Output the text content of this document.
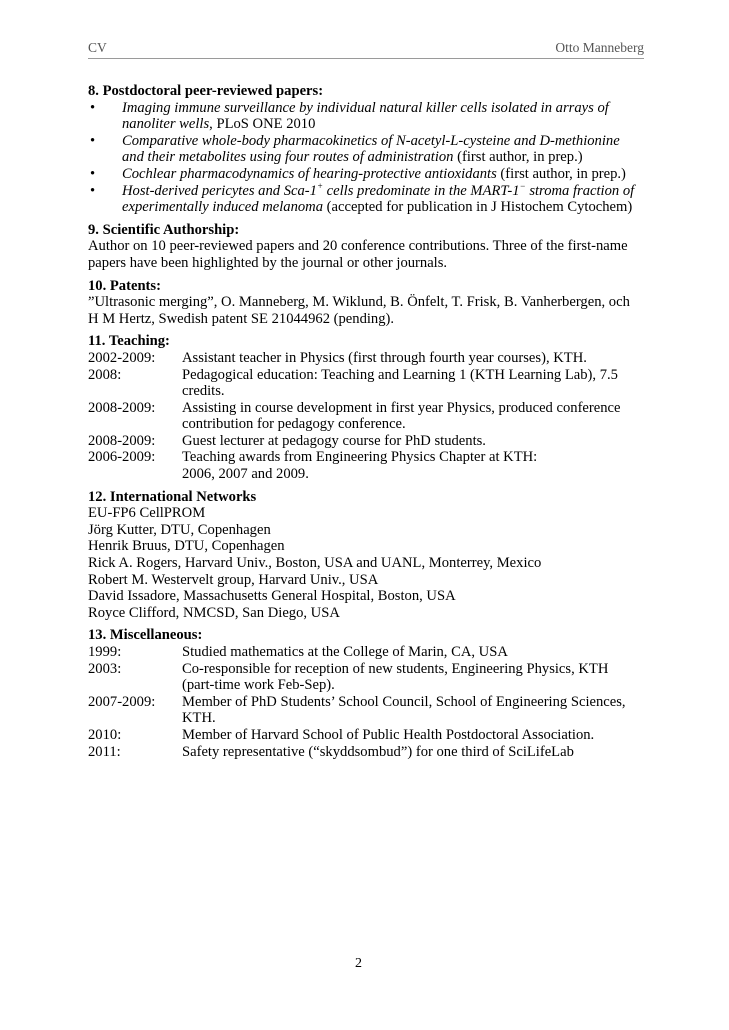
CV	Otto Manneberg
8. Postdoctoral peer-reviewed papers:
• Imaging immune surveillance by individual natural killer cells isolated in arrays of nanoliter wells, PLoS ONE 2010
• Comparative whole-body pharmacokinetics of N-acetyl-L-cysteine and D-methionine and their metabolites using four routes of administration (first author, in prep.)
• Cochlear pharmacodynamics of hearing-protective antioxidants (first author, in prep.)
• Host-derived pericytes and Sca-1+ cells predominate in the MART-1− stroma fraction of experimentally induced melanoma (accepted for publication in J Histochem Cytochem)
9. Scientific Authorship:
Author on 10 peer-reviewed papers and 20 conference contributions. Three of the first-name papers have been highlighted by the journal or other journals.
10. Patents:
”Ultrasonic merging”, O. Manneberg, M. Wiklund, B. Önfelt, T. Frisk, B. Vanherbergen, och H M Hertz, Swedish patent SE 21044962 (pending).
11. Teaching:
2002-2009:	Assistant teacher in Physics (first through fourth year courses), KTH.
2008:	Pedagogical education: Teaching and Learning 1 (KTH Learning Lab), 7.5 credits.
2008-2009:	Assisting in course development in first year Physics, produced conference contribution for pedagogy conference.
2008-2009:	Guest lecturer at pedagogy course for PhD students.
2006-2009:	Teaching awards from Engineering Physics Chapter at KTH:
2006, 2007 and 2009.
12. International Networks
EU-FP6 CellPROM
Jörg Kutter, DTU, Copenhagen
Henrik Bruus, DTU, Copenhagen
Rick A. Rogers, Harvard Univ., Boston, USA and UANL, Monterrey, Mexico
Robert M. Westervelt group, Harvard Univ., USA
David Issadore, Massachusetts General Hospital, Boston, USA
Royce Clifford, NMCSD, San Diego, USA
13. Miscellaneous:
1999:	Studied mathematics at the College of Marin, CA, USA
2003:	Co-responsible for reception of new students, Engineering Physics, KTH (part-time work Feb-Sep).
2007-2009:	Member of PhD Students’ School Council, School of Engineering Sciences, KTH.
2010:	Member of Harvard School of Public Health Postdoctoral Association.
2011:	Safety representative (“skyddsombud”) for one third of SciLifeLab
2
